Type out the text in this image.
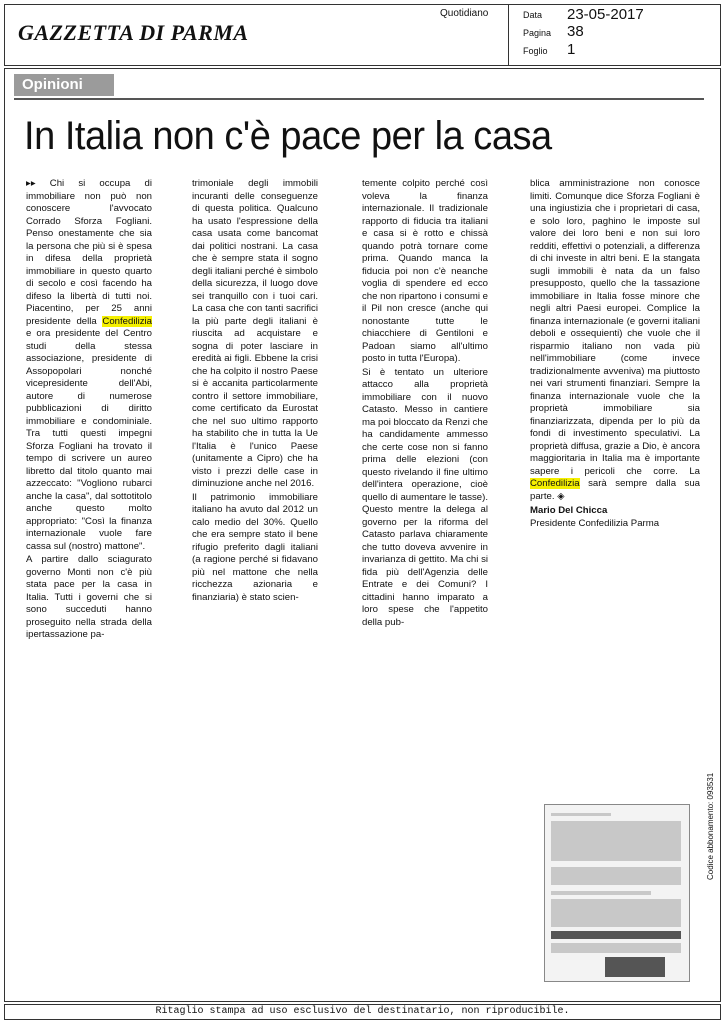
GAZZETTA DI PARMA
Quotidiano	Data 23-05-2017
Pagina 38
Foglio 1
Opinioni
In Italia non c'è pace per la casa

▸▸ Chi si occupa di immobiliare non può non conoscere l'avvocato Corrado Sforza Fogliani. Penso onestamente che sia la persona che più si è spesa in difesa della proprietà immobiliare in questo quarto di secolo e così facendo ha difeso la libertà di tutti noi. Piacentino, per 25 anni presidente della Confedilizia e ora presidente del Centro studi della stessa associazione, presidente di Assopopolari nonché vicepresidente dell'Abi, autore di numerose pubblicazioni di diritto immobiliare e condominiale. Tra tutti questi impegni Sforza Fogliani ha trovato il tempo di scrivere un aureo libretto dal titolo quanto mai azzeccato: "Vogliono rubarci anche la casa", dal sottotitolo anche questo molto appropriato: "Così la finanza internazionale vuole fare cassa sul (nostro) mattone".

A partire dallo sciagurato governo Monti non c'è più stata pace per la casa in Italia. Tutti i governi che si sono succeduti hanno proseguito nella strada della ipertassazione pa-

trimoniale degli immobili incuranti delle conseguenze di questa politica. Qualcuno ha usato l'espressione della casa usata come bancomat dai politici nostrani. La casa che è sempre stata il sogno degli italiani perché è simbolo della sicurezza, il luogo dove sei tranquillo con i tuoi cari. La casa che con tanti sacrifici la più parte degli italiani è riuscita ad acquistare e sogna di poter lasciare in eredità ai figli. Ebbene la crisi che ha colpito il nostro Paese si è accanita particolarmente contro il settore immobiliare, come certificato da Eurostat che nel suo ultimo rapporto ha stabilito che in tutta la Ue l'Italia è l'unico Paese (unitamente a Cipro) che ha visto i prezzi delle case in diminuzione anche nel 2016.

Il patrimonio immobiliare italiano ha avuto dal 2012 un calo medio del 30%. Quello che era sempre stato il bene rifugio preferito dagli italiani (a ragione perché si fidavano più nel mattone che nella ricchezza azionaria e finanziaria) è stato scien-

temente colpito perché così voleva la finanza internazionale. Il tradizionale rapporto di fiducia tra italiani e casa si è rotto e chissà quando potrà tornare come prima. Quando manca la fiducia poi non c'è neanche voglia di spendere ed ecco che non ripartono i consumi e il Pil non cresce (anche qui nonostante tutte le chiacchiere di Gentiloni e Padoan siamo all'ultimo posto in tutta l'Europa).

Si è tentato un ulteriore attacco alla proprietà immobiliare con il nuovo Catasto. Messo in cantiere ma poi bloccato da Renzi che ha candidamente ammesso che certe cose non si fanno prima delle elezioni (con questo rivelando il fine ultimo dell'intera operazione, cioè quello di aumentare le tasse). Questo mentre la delega al governo per la riforma del Catasto parlava chiaramente che tutto doveva avvenire in invarianza di gettito. Ma chi si fida più dell'Agenzia delle Entrate e dei Comuni? I cittadini hanno imparato a loro spese che l'appetito della pub-

blica amministrazione non conosce limiti. Comunque dice Sforza Fogliani è una ingiustizia che i proprietari di casa, e solo loro, paghino le imposte sul valore dei loro beni e non sui loro redditi, effettivi o potenziali, a differenza di chi investe in altri beni. E la stangata sugli immobili è nata da un falso presupposto, quello che la tassazione immobiliare in Italia fosse minore che negli altri Paesi europei. Complice la finanza internazionale (e governi italiani deboli e ossequienti) che vuole che il risparmio italiano non vada più nell'immobiliare (come invece tradizionalmente avveniva) ma piuttosto nei vari strumenti finanziari. Sempre la finanza internazionale vuole che la proprietà immobiliare sia finanziarizzata, dipenda per lo più da fondi di investimento speculativi. La proprietà diffusa, grazie a Dio, è ancora maggioritaria in Italia ma è importante sapere i pericoli che corre. La Confedilizia sarà sempre dalla sua parte. ◈

Mario Del Chicca
Presidente Confedilizia Parma
Codice abbonamento: 093531
Ritaglio stampa ad uso esclusivo del destinatario, non riproducibile.
